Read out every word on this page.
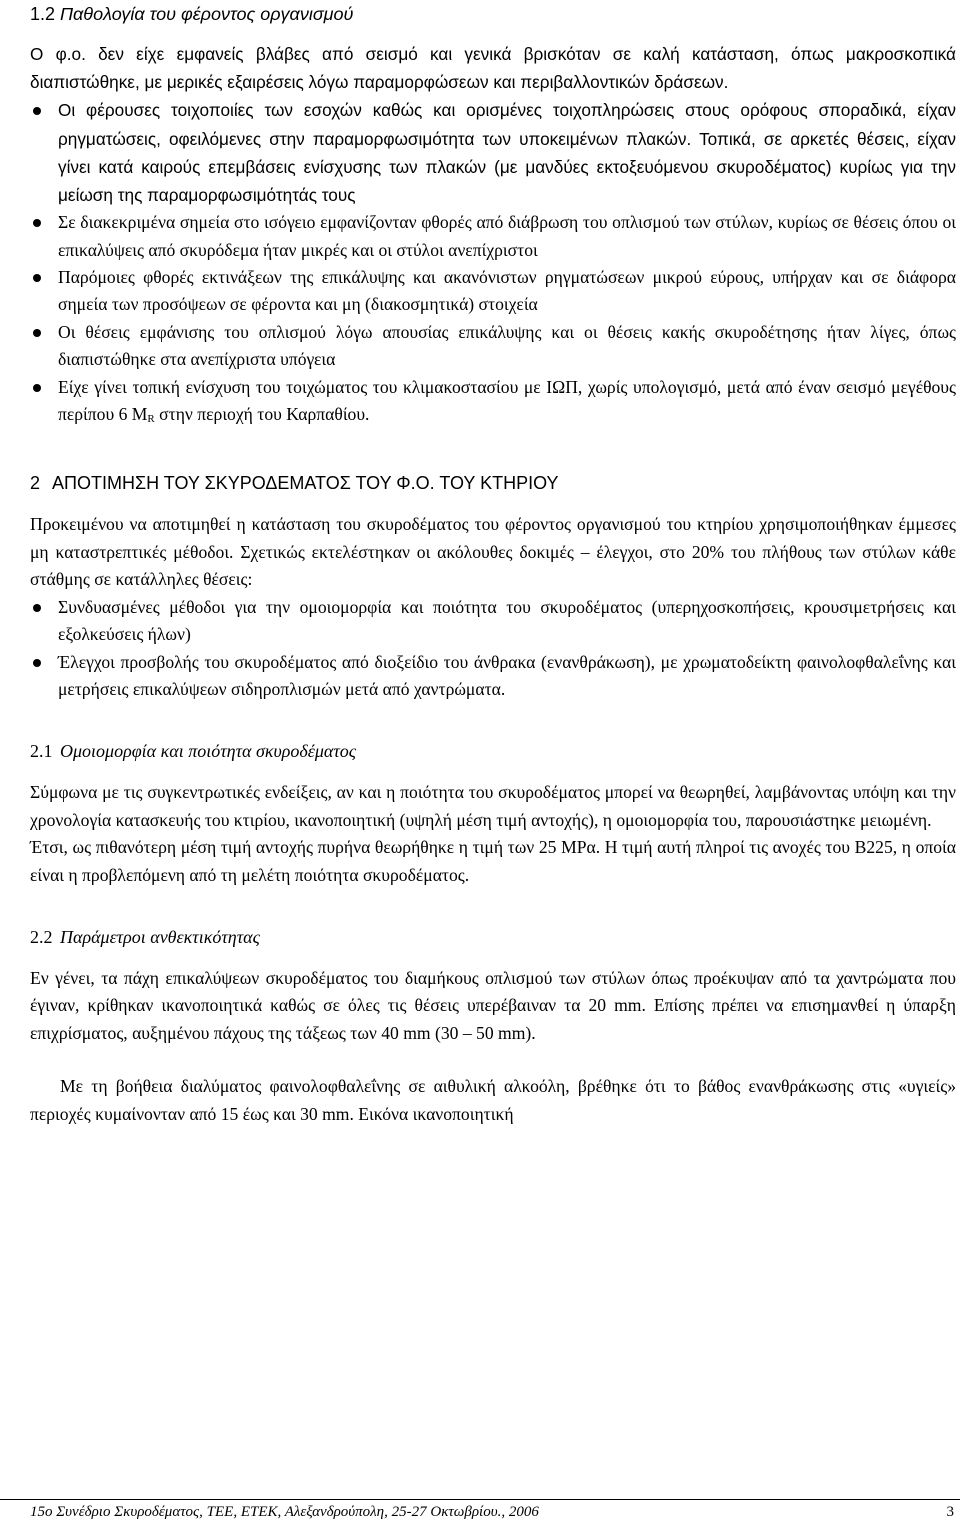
1.2 Παθολογία του φέροντος οργανισμού

Ο φ.ο. δεν είχε εμφανείς βλάβες από σεισμό και γενικά βρισκόταν σε καλή κατάσταση, όπως μακροσκοπικά διαπιστώθηκε, με μερικές εξαιρέσεις λόγω παραμορφώσεων και περιβαλλοντικών δράσεων.

Οι φέρουσες τοιχοποιίες των εσοχών καθώς και ορισμένες τοιχοπληρώσεις στους ορόφους σποραδικά, είχαν ρηγματώσεις, οφειλόμενες στην παραμορφωσιμότητα των υποκειμένων πλακών. Τοπικά, σε αρκετές θέσεις, είχαν γίνει κατά καιρούς επεμβάσεις ενίσχυσης των πλακών (με μανδύες εκτοξευόμενου σκυροδέματος) κυρίως για την μείωση της παραμορφωσιμότητάς τους
Σε διακεκριμένα σημεία στο ισόγειο εμφανίζονταν φθορές από διάβρωση του οπλισμού των στύλων, κυρίως σε θέσεις όπου οι επικαλύψεις από σκυρόδεμα ήταν μικρές και οι στύλοι ανεπίχριστοι
Παρόμοιες φθορές εκτινάξεων της επικάλυψης και ακανόνιστων ρηγματώσεων μικρού εύρους, υπήρχαν και σε διάφορα σημεία των προσόψεων σε φέροντα και μη (διακοσμητικά) στοιχεία
Οι θέσεις εμφάνισης του οπλισμού λόγω απουσίας επικάλυψης και οι θέσεις κακής σκυροδέτησης ήταν λίγες, όπως διαπιστώθηκε στα ανεπίχριστα υπόγεια
Είχε γίνει τοπική ενίσχυση του τοιχώματος του κλιμακοστασίου με ΙΩΠ, χωρίς υπολογισμό, μετά από έναν σεισμό μεγέθους περίπου 6 $M_R$ στην περιοχή του Καρπαθίου.
2 ΑΠΟΤΙΜΗΣΗ ΤΟΥ ΣΚΥΡΟΔΕΜΑΤΟΣ ΤΟΥ Φ.Ο. ΤΟΥ ΚΤΗΡΙΟΥ

Προκειμένου να αποτιμηθεί η κατάσταση του σκυροδέματος του φέροντος οργανισμού του κτηρίου χρησιμοποιήθηκαν έμμεσες μη καταστρεπτικές μέθοδοι. Σχετικώς εκτελέστηκαν οι ακόλουθες δοκιμές – έλεγχοι, στο 20% του πλήθους των στύλων κάθε στάθμης σε κατάλληλες θέσεις:

Συνδυασμένες μέθοδοι για την ομοιομορφία και ποιότητα του σκυροδέματος (υπερηχοσκοπήσεις, κρουσιμετρήσεις και εξολκεύσεις ήλων)
Έλεγχοι προσβολής του σκυροδέματος από διοξείδιο του άνθρακα (ενανθράκωση), με χρωματοδείκτη φαινολοφθαλεΐνης και μετρήσεις επικαλύψεων σιδηροπλισμών μετά από χαντρώματα.
2.1 Ομοιομορφία και ποιότητα σκυροδέματος

Σύμφωνα με τις συγκεντρωτικές ενδείξεις, αν και η ποιότητα του σκυροδέματος μπορεί να θεωρηθεί, λαμβάνοντας υπόψη και την χρονολογία κατασκευής του κτιρίου, ικανοποιητική (υψηλή μέση τιμή αντοχής), η ομοιομορφία του, παρουσιάστηκε μειωμένη.

Έτσι, ως πιθανότερη μέση τιμή αντοχής πυρήνα θεωρήθηκε η τιμή των 25 MPα. Η τιμή αυτή πληροί τις ανοχές του B225, η οποία είναι η προβλεπόμενη από τη μελέτη ποιότητα σκυροδέματος.

2.2 Παράμετροι ανθεκτικότητας

Εν γένει, τα πάχη επικαλύψεων σκυροδέματος του διαμήκους οπλισμού των στύλων όπως προέκυψαν από τα χαντρώματα που έγιναν, κρίθηκαν ικανοποιητικά καθώς σε όλες τις θέσεις υπερέβαιναν τα 20 mm. Επίσης πρέπει να επισημανθεί η ύπαρξη επιχρίσματος, αυξημένου πάχους της τάξεως των 40 mm (30 – 50 mm).

Με τη βοήθεια διαλύματος φαινολοφθαλεΐνης σε αιθυλική αλκοόλη, βρέθηκε ότι το βάθος ενανθράκωσης στις «υγιείς» περιοχές κυμαίνονταν από 15 έως και 30 mm. Εικόνα ικανοποιητική

15ο Συνέδριο Σκυροδέματος, ΤΕΕ, ΕΤΕΚ, Αλεξανδρούπολη, 25-27 Οκτωβρίου., 2006	3
